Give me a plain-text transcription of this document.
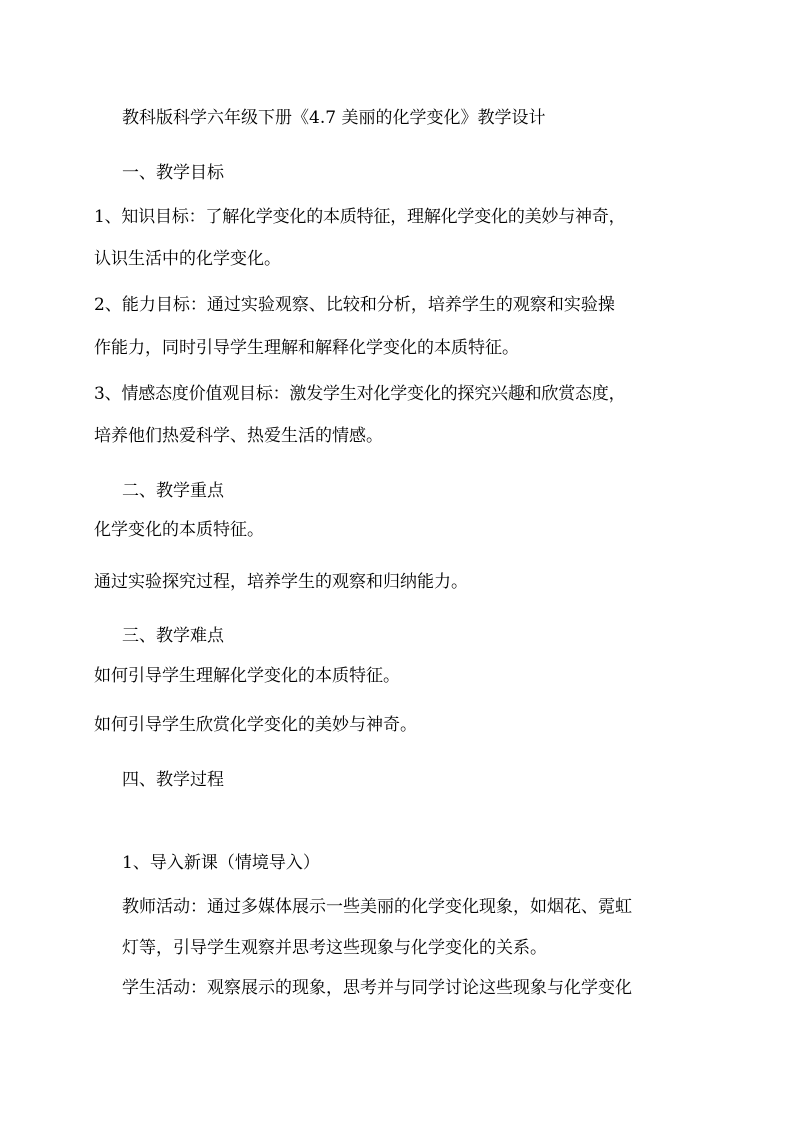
教科版科学六年级下册《4.7 美丽的化学变化》教学设计
一、教学目标
1、知识目标：了解化学变化的本质特征，理解化学变化的美妙与神奇，
认识生活中的化学变化。
2、能力目标：通过实验观察、比较和分析，培养学生的观察和实验操
作能力，同时引导学生理解和解释化学变化的本质特征。
3、情感态度价值观目标：激发学生对化学变化的探究兴趣和欣赏态度，
培养他们热爱科学、热爱生活的情感。
二、教学重点
化学变化的本质特征。
通过实验探究过程，培养学生的观察和归纳能力。
三、教学难点
如何引导学生理解化学变化的本质特征。
如何引导学生欣赏化学变化的美妙与神奇。
四、教学过程
1、导入新课（情境导入）
教师活动：通过多媒体展示一些美丽的化学变化现象，如烟花、霓虹
灯等，引导学生观察并思考这些现象与化学变化的关系。
学生活动：观察展示的现象，思考并与同学讨论这些现象与化学变化
